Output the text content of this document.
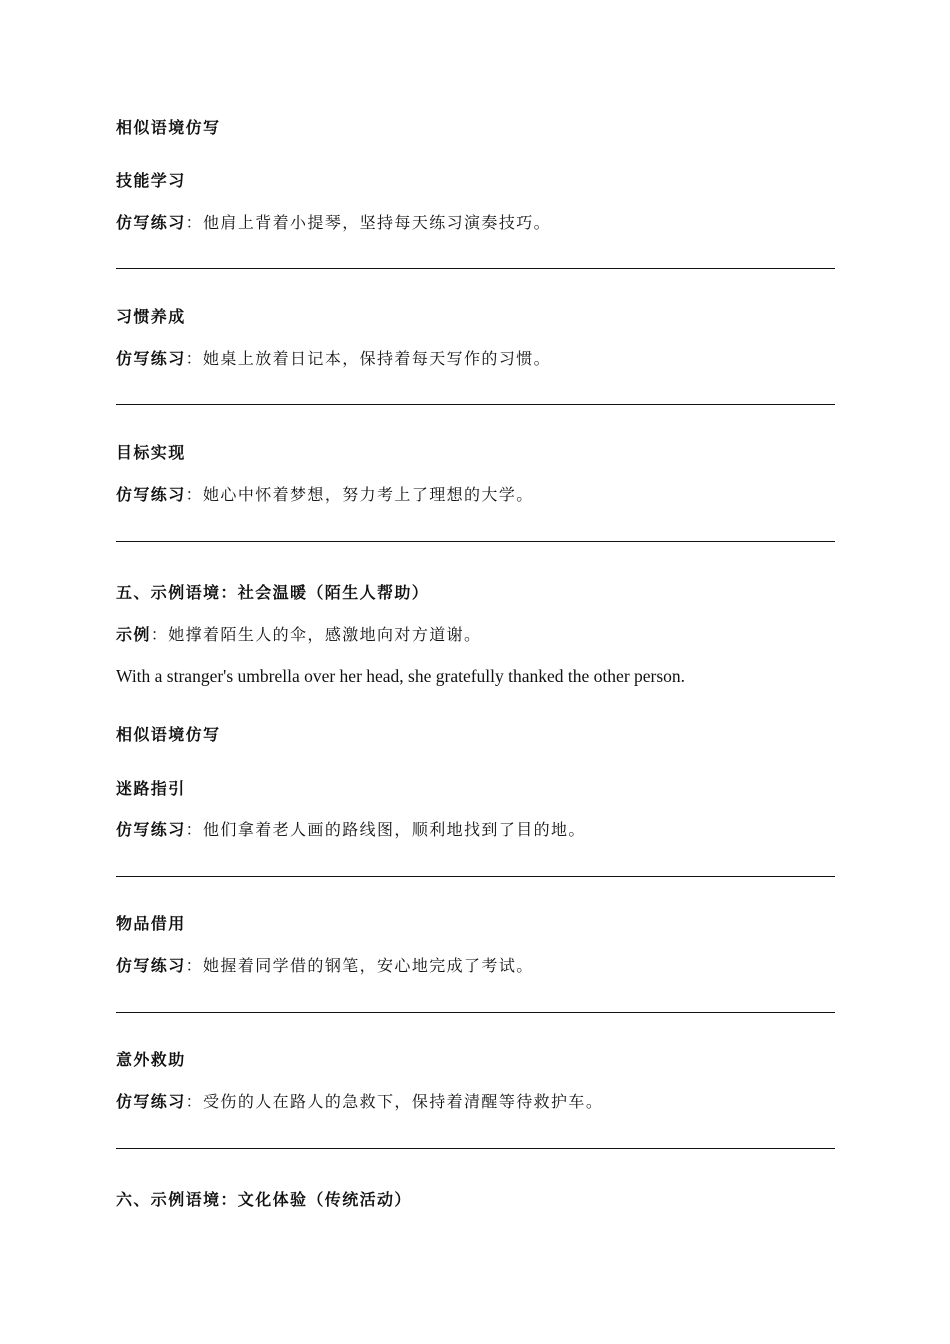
相似语境仿写
技能学习
仿写练习：他肩上背着小提琴，坚持每天练习演奏技巧。
习惯养成
仿写练习：她桌上放着日记本，保持着每天写作的习惯。
目标实现
仿写练习：她心中怀着梦想，努力考上了理想的大学。
五、示例语境：社会温暖（陌生人帮助）
示例：她撑着陌生人的伞，感激地向对方道谢。
With a stranger's umbrella over her head, she gratefully thanked the other person.
相似语境仿写
迷路指引
仿写练习：他们拿着老人画的路线图，顺利地找到了目的地。
物品借用
仿写练习：她握着同学借的钢笔，安心地完成了考试。
意外救助
仿写练习：受伤的人在路人的急救下，保持着清醒等待救护车。
六、示例语境：文化体验（传统活动）
